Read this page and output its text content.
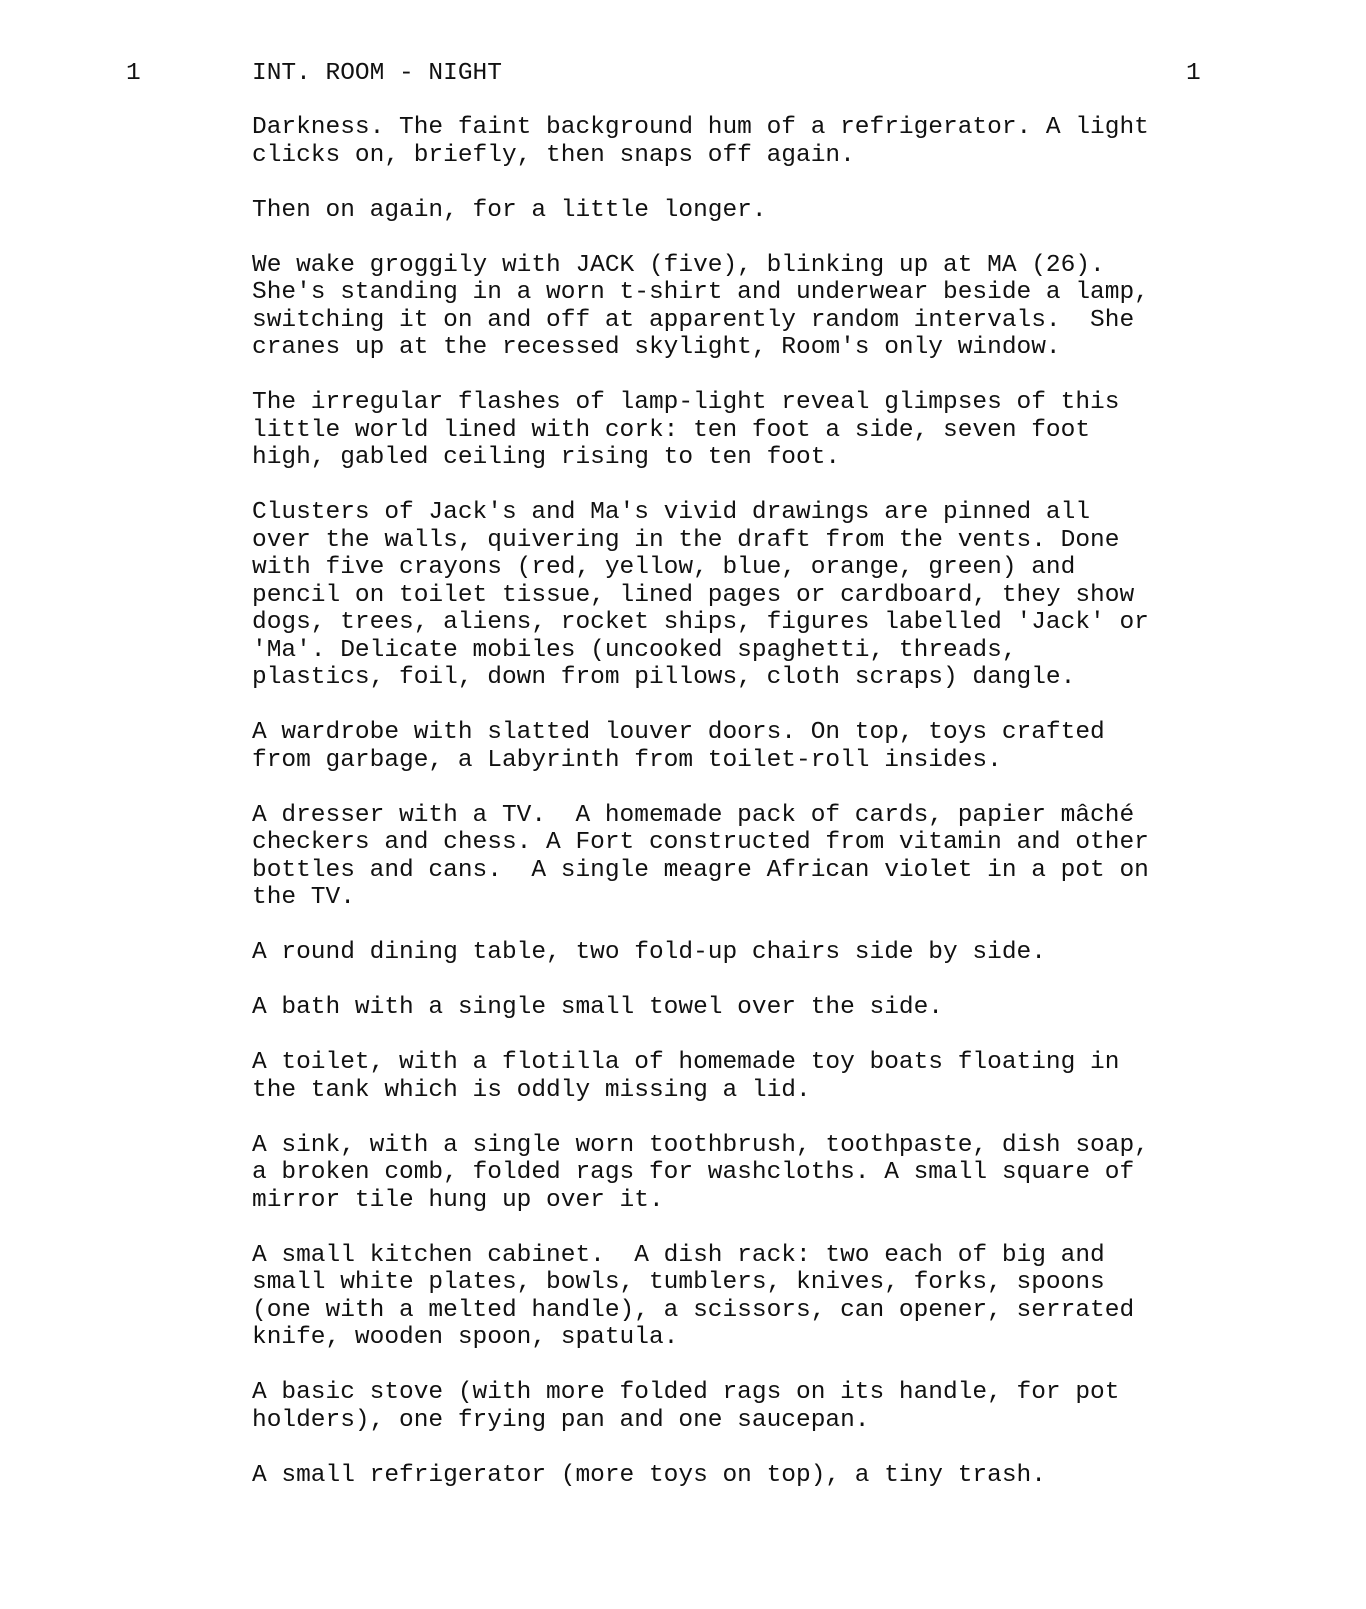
1	INT. ROOM - NIGHT	1

Darkness. The faint background hum of a refrigerator. A light
clicks on, briefly, then snaps off again.

Then on again, for a little longer.

We wake groggily with JACK (five), blinking up at MA (26).
She's standing in a worn t-shirt and underwear beside a lamp,
switching it on and off at apparently random intervals.  She
cranes up at the recessed skylight, Room's only window.

The irregular flashes of lamp-light reveal glimpses of this
little world lined with cork: ten foot a side, seven foot
high, gabled ceiling rising to ten foot.

Clusters of Jack's and Ma's vivid drawings are pinned all
over the walls, quivering in the draft from the vents. Done
with five crayons (red, yellow, blue, orange, green) and
pencil on toilet tissue, lined pages or cardboard, they show
dogs, trees, aliens, rocket ships, figures labelled 'Jack' or
'Ma'. Delicate mobiles (uncooked spaghetti, threads,
plastics, foil, down from pillows, cloth scraps) dangle.

A wardrobe with slatted louver doors. On top, toys crafted
from garbage, a Labyrinth from toilet-roll insides.

A dresser with a TV.  A homemade pack of cards, papier mâché
checkers and chess. A Fort constructed from vitamin and other
bottles and cans.  A single meagre African violet in a pot on
the TV.

A round dining table, two fold-up chairs side by side.

A bath with a single small towel over the side.

A toilet, with a flotilla of homemade toy boats floating in
the tank which is oddly missing a lid.

A sink, with a single worn toothbrush, toothpaste, dish soap,
a broken comb, folded rags for washcloths. A small square of
mirror tile hung up over it.

A small kitchen cabinet.  A dish rack: two each of big and
small white plates, bowls, tumblers, knives, forks, spoons
(one with a melted handle), a scissors, can opener, serrated
knife, wooden spoon, spatula.

A basic stove (with more folded rags on its handle, for pot
holders), one frying pan and one saucepan.

A small refrigerator (more toys on top), a tiny trash.
